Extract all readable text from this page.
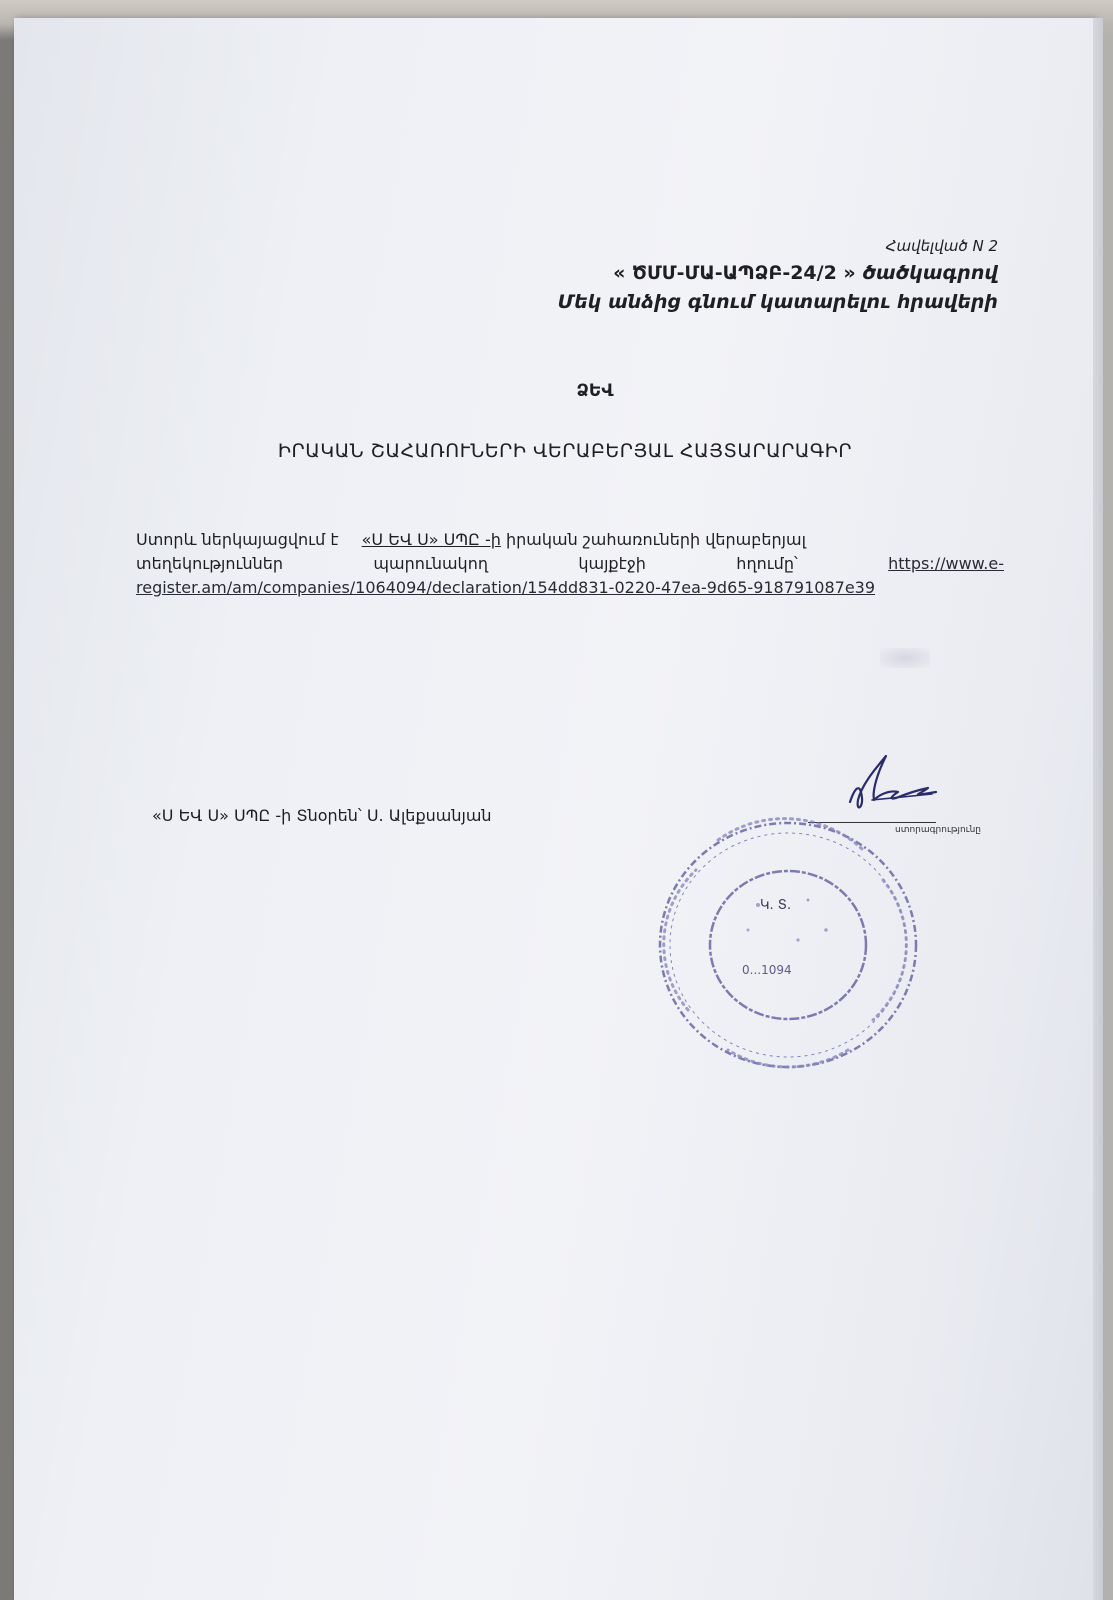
Հավելված N 2
« ԾՄՄ-ՄԱ-ԱՊՁԲ-24/2 » ծածկագրով
Մեկ անձից գնում կատարելու հրավերի
ՁԵՎ
ԻՐԱԿԱՆ ՇԱՀԱՌՈՒՆԵՐԻ ՎԵՐԱԲԵՐՅԱԼ ՀԱՅՏԱՐԱՐԱԳԻՐ
Ստորև ներկայացվում է «Ս ԵՎ Ս» ՍՊԸ -ի իրական շահառուների վերաբերյալ
տեղեկություններ	պարունակող	կայքէջի	հղումը՝	https://www.e-
register.am/am/companies/1064094/declaration/154dd831-0220-47ea-9d65-918791087e39
«Ս ԵՎ Ս» ՍՊԸ -ի Տնօրեն՝ Ս. Ալեքսանյան
ստորագրությունը
Կ. Տ.
0...1094
